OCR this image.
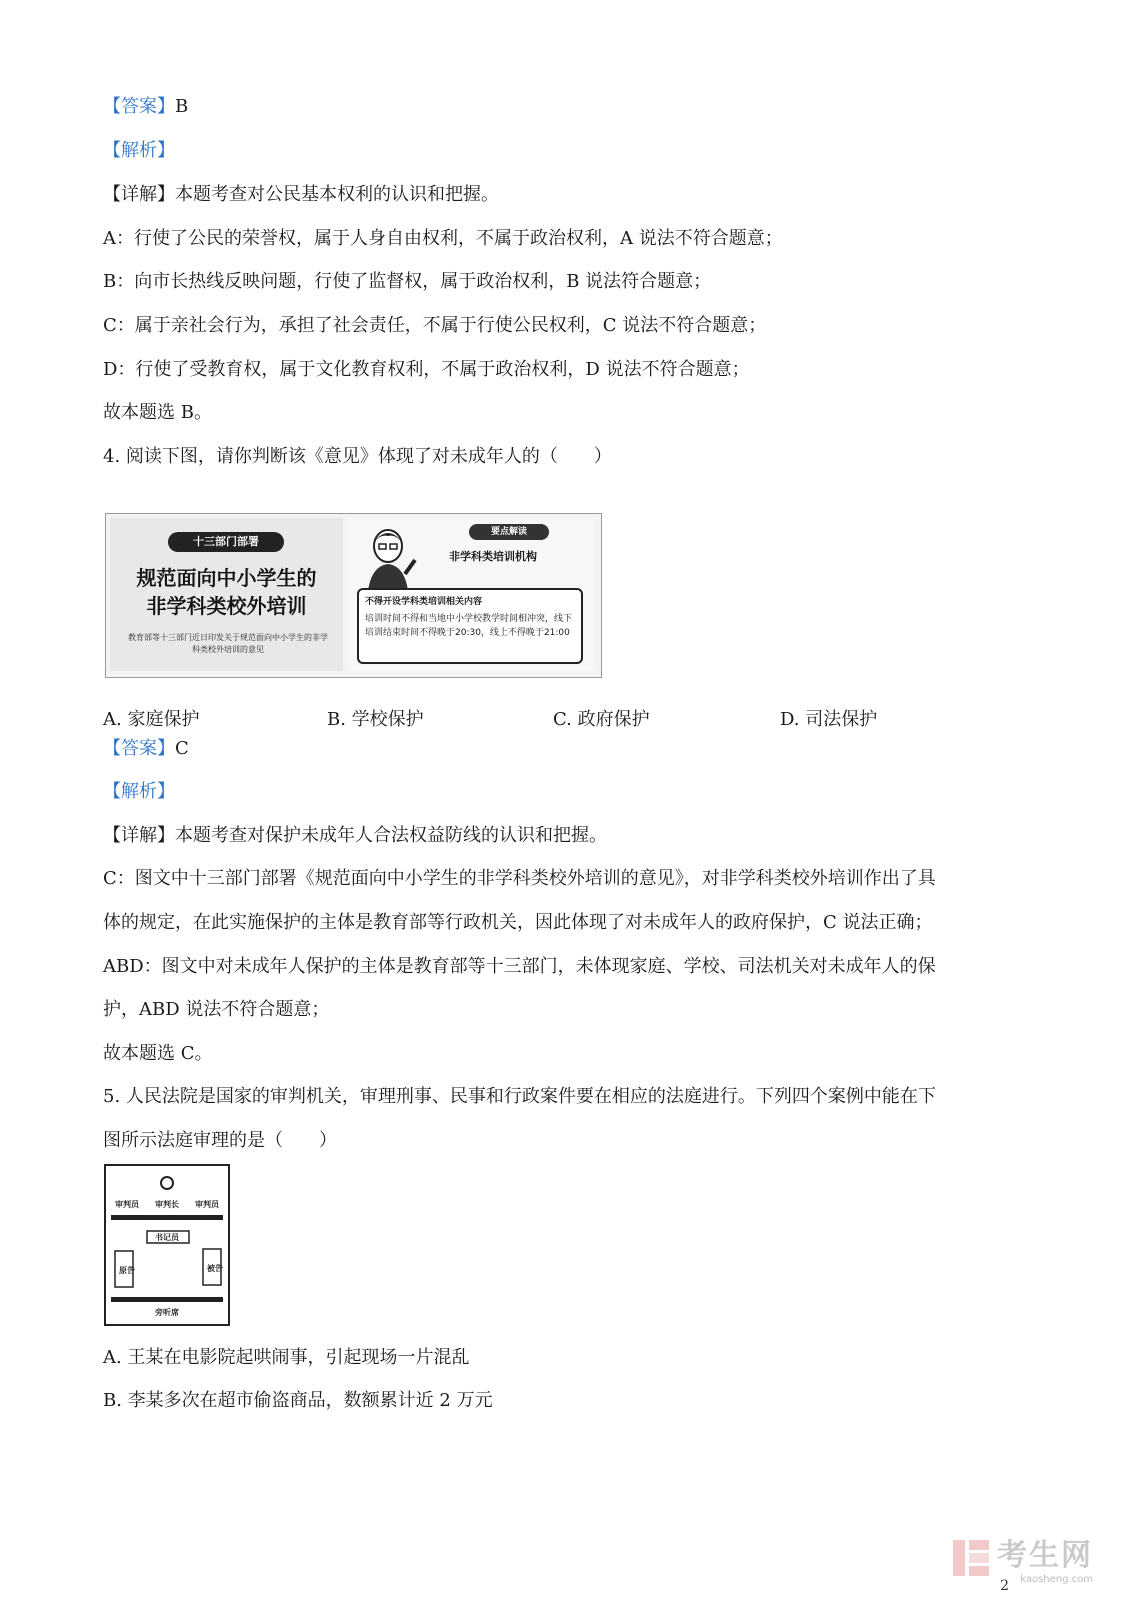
【答案】B
【解析】
【详解】本题考查对公民基本权利的认识和把握。
A：行使了公民的荣誉权，属于人身自由权利，不属于政治权利，A 说法不符合题意；
B：向市长热线反映问题，行使了监督权，属于政治权利，B 说法符合题意；
C：属于亲社会行为，承担了社会责任，不属于行使公民权利，C 说法不符合题意；
D：行使了受教育权，属于文化教育权利，不属于政治权利，D 说法不符合题意；
故本题选 B。
4. 阅读下图，请你判断该《意见》体现了对未成年人的（　　）
十三部门部署
规范面向中小学生的
非学科类校外培训
教育部等十三部门近日印发关于规范面向中小学生的非学科类校外培训的意见
要点解读
非学科类培训机构
不得开设学科类培训相关内容
培训时间不得和当地中小学校教学时间相冲突，线下培训结束时间不得晚于20:30，线上不得晚于21:00
A. 家庭保护	B. 学校保护	C. 政府保护	D. 司法保护
【答案】C
【解析】
【详解】本题考查对保护未成年人合法权益防线的认识和把握。
C：图文中十三部门部署《规范面向中小学生的非学科类校外培训的意见》，对非学科类校外培训作出了具
体的规定，在此实施保护的主体是教育部等行政机关，因此体现了对未成年人的政府保护，C 说法正确；
ABD：图文中对未成年人保护的主体是教育部等十三部门，未体现家庭、学校、司法机关对未成年人的保
护，ABD 说法不符合题意；
故本题选 C。
5. 人民法院是国家的审判机关，审理刑事、民事和行政案件要在相应的法庭进行。下列四个案例中能在下
图所示法庭审理的是（　　）
审判员 审判长 审判员
书记员
原告	被告
旁听席
A. 王某在电影院起哄闹事，引起现场一片混乱
B. 李某多次在超市偷盗商品，数额累计近 2 万元
考生网
kaosheng.com
2
